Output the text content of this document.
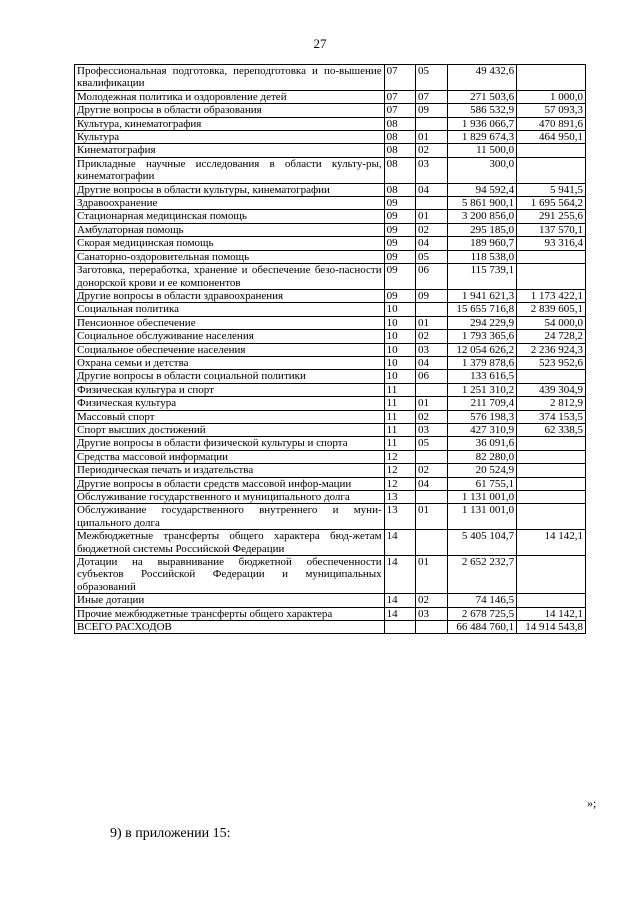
27
Профессиональная подготовка, переподготовка и по-вышение квалификации	07	05	49 432,6	
Молодежная политика и оздоровление детей	07	07	271 503,6	1 000,0
Другие вопросы в области образования	07	09	586 532,9	57 093,3
Культура, кинематография	08		1 936 066,7	470 891,6
Культура	08	01	1 829 674,3	464 950,1
Кинематография	08	02	11 500,0	
Прикладные научные исследования в области культу-ры, кинематографии	08	03	300,0	
Другие вопросы в области культуры, кинематографии	08	04	94 592,4	5 941,5
Здравоохранение	09		5 861 900,1	1 695 564,2
Стационарная медицинская помощь	09	01	3 200 856,0	291 255,6
Амбулаторная помощь	09	02	295 185,0	137 570,1
Скорая медицинская помощь	09	04	189 960,7	93 316,4
Санаторно-оздоровительная помощь	09	05	118 538,0	
Заготовка, переработка, хранение и обеспечение безо-пасности донорской крови и ее компонентов	09	06	115 739,1	
Другие вопросы в области здравоохранения	09	09	1 941 621,3	1 173 422,1
Социальная политика	10		15 655 716,8	2 839 605,1
Пенсионное обеспечение	10	01	294 229,9	54 000,0
Социальное обслуживание населения	10	02	1 793 365,6	24 728,2
Социальное обеспечение населения	10	03	12 054 626,2	2 236 924,3
Охрана семьи и детства	10	04	1 379 878,6	523 952,6
Другие вопросы в области социальной политики	10	06	133 616,5	
Физическая культура и спорт	11		1 251 310,2	439 304,9
Физическая культура	11	01	211 709,4	2 812,9
Массовый спорт	11	02	576 198,3	374 153,5
Спорт высших достижений	11	03	427 310,9	62 338,5
Другие вопросы в области физической культуры и спорта	11	05	36 091,6	
Средства массовой информации	12		82 280,0	
Периодическая печать и издательства	12	02	20 524,9	
Другие вопросы в области средств массовой инфор-мации	12	04	61 755,1	
Обслуживание государственного и муниципального долга	13		1 131 001,0	
Обслуживание государственного внутреннего и муни-ципального долга	13	01	1 131 001,0	
Межбюджетные трансферты общего характера бюд-жетам бюджетной системы Российской Федерации	14		5 405 104,7	14 142,1
Дотации на выравнивание бюджетной обеспеченности субъектов Российской Федерации и муниципальных образований	14	01	2 652 232,7	
Иные дотации	14	02	74 146,5	
Прочие межбюджетные трансферты общего характера	14	03	2 678 725,5	14 142,1
ВСЕГО РАСХОДОВ			66 484 760,1	14 914 543,8
»;
9) в приложении 15:
